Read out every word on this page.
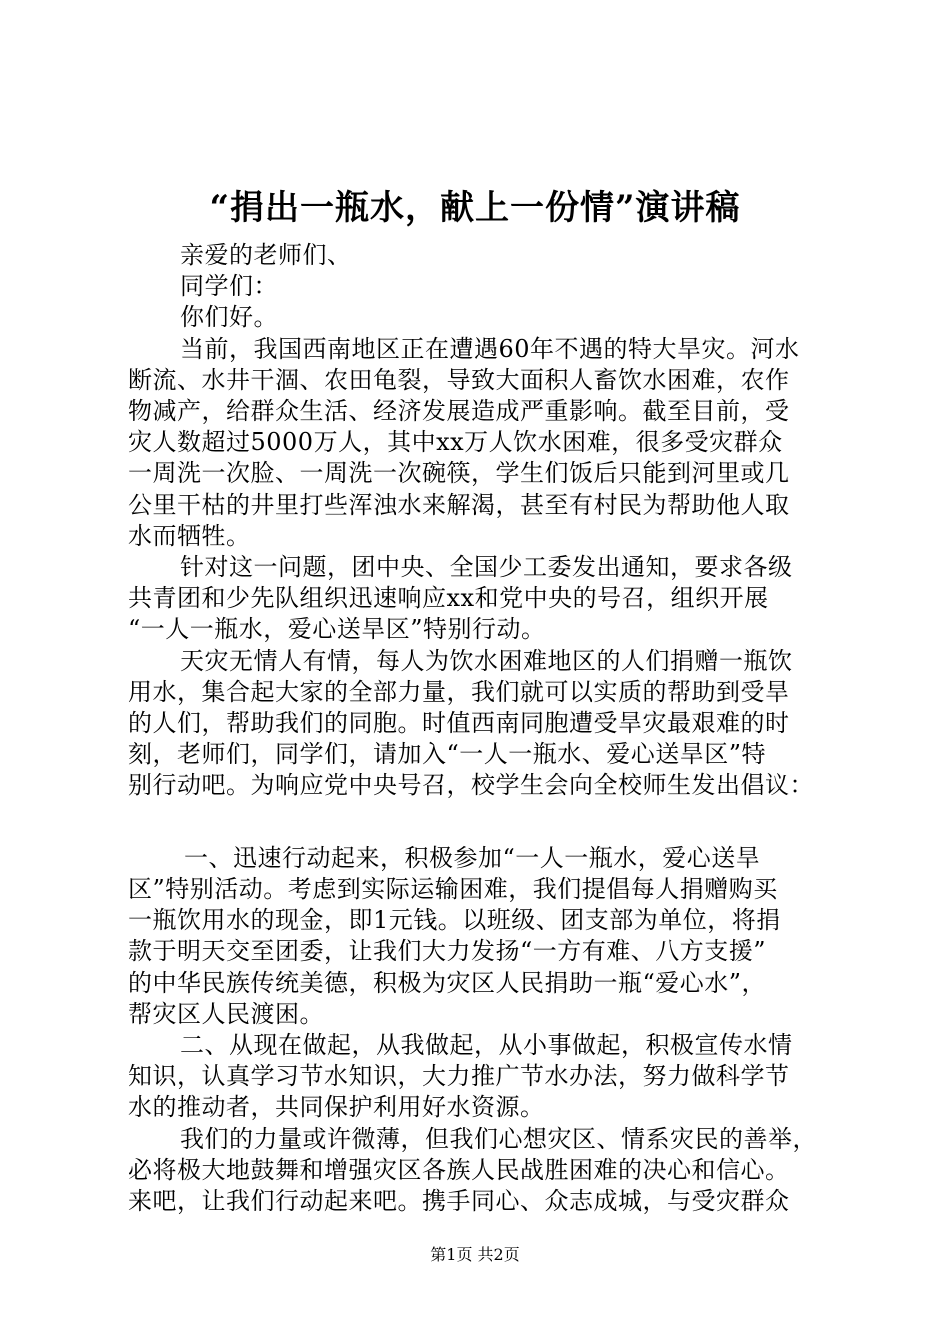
“捐出一瓶水，献上一份情”演讲稿

亲爱的老师们、

同学们：

你们好。

当前，我国西南地区正在遭遇60年不遇的特大旱灾。河水

断流、水井干涸、农田龟裂，导致大面积人畜饮水困难，农作

物减产，给群众生活、经济发展造成严重影响。截至目前，受

灾人数超过5000万人，其中xx万人饮水困难，很多受灾群众

一周洗一次脸、一周洗一次碗筷，学生们饭后只能到河里或几

公里干枯的井里打些浑浊水来解渴，甚至有村民为帮助他人取

水而牺牲。

针对这一问题，团中央、全国少工委发出通知，要求各级

共青团和少先队组织迅速响应xx和党中央的号召，组织开展

“一人一瓶水，爱心送旱区”特别行动。

天灾无情人有情，每人为饮水困难地区的人们捐赠一瓶饮

用水，集合起大家的全部力量，我们就可以实质的帮助到受旱

的人们，帮助我们的同胞。时值西南同胞遭受旱灾最艰难的时

刻，老师们，同学们，请加入“一人一瓶水、爱心送旱区”特

别行动吧。为响应党中央号召，校学生会向全校师生发出倡议：

一、迅速行动起来，积极参加“一人一瓶水，爱心送旱

区”特别活动。考虑到实际运输困难，我们提倡每人捐赠购买

一瓶饮用水的现金，即1元钱。以班级、团支部为单位，将捐

款于明天交至团委，让我们大力发扬“一方有难、八方支援”

的中华民族传统美德，积极为灾区人民捐助一瓶“爱心水”，

帮灾区人民渡困。

二、从现在做起，从我做起，从小事做起，积极宣传水情

知识，认真学习节水知识，大力推广节水办法，努力做科学节

水的推动者，共同保护利用好水资源。

我们的力量或许微薄，但我们心想灾区、情系灾民的善举，

必将极大地鼓舞和增强灾区各族人民战胜困难的决心和信心。

来吧，让我们行动起来吧。携手同心、众志成城，与受灾群众

第1页 共2页
